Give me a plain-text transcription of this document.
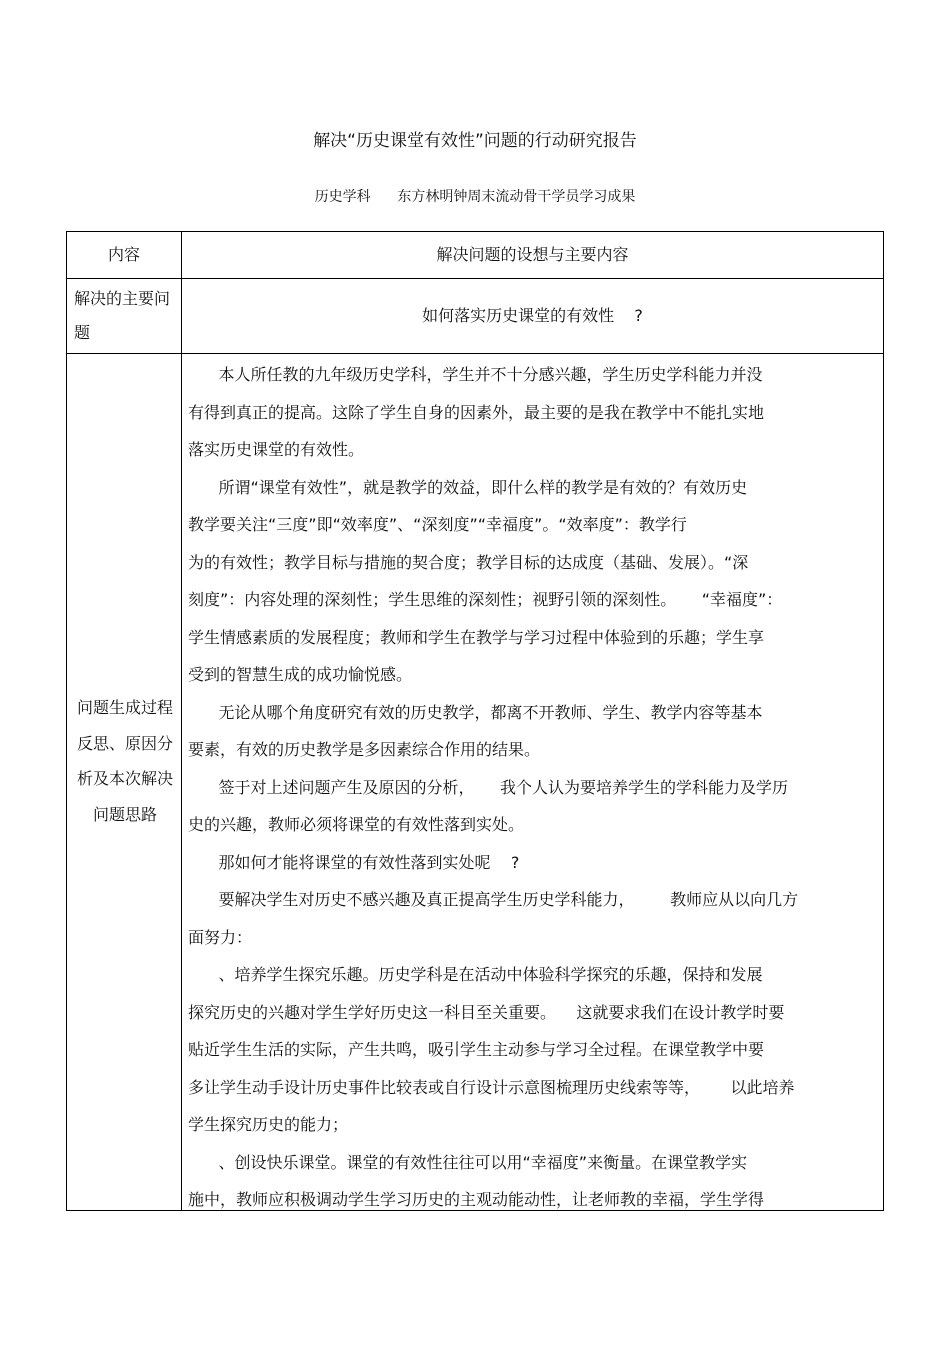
解决“历史课堂有效性”问题的行动研究报告
历史学科      东方林明钟周末流动骨干学员学习成果
内容	解决问题的设想与主要内容
解决的主要问题
如何落实历史课堂的有效性    ?
问题生成过程反思、原因分析及本次解决问题思路

本人所任教的九年级历史学科，学生并不十分感兴趣，学生历史学科能力并没

有得到真正的提高。这除了学生自身的因素外，最主要的是我在教学中不能扎实地

落实历史课堂的有效性。

所谓“课堂有效性”，就是教学的效益，即什么样的教学是有效的？有效历史

教学要关注“三度”即“效率度”、“深刻度”“幸福度”。“效率度”：教学行

为的有效性；教学目标与措施的契合度；教学目标的达成度（基础、发展）。“深

刻度”：内容处理的深刻性；学生思维的深刻性；视野引领的深刻性。     “幸福度”：

学生情感素质的发展程度；教师和学生在教学与学习过程中体验到的乐趣；学生享

受到的智慧生成的成功愉悦感。

无论从哪个角度研究有效的历史教学，都离不开教师、学生、教学内容等基本

要素，有效的历史教学是多因素综合作用的结果。

签于对上述问题产生及原因的分析，     我个人认为要培养学生的学科能力及学历

史的兴趣，教师必须将课堂的有效性落到实处。

那如何才能将课堂的有效性落到实处呢    ?

要解决学生对历史不感兴趣及真正提高学生历史学科能力，       教师应从以向几方

面努力：

、培养学生探究乐趣。历史学科是在活动中体验科学探究的乐趣，保持和发展

探究历史的兴趣对学生学好历史这一科目至关重要。    这就要求我们在设计教学时要

贴近学生生活的实际，产生共鸣，吸引学生主动参与学习全过程。在课堂教学中要

多让学生动手设计历史事件比较表或自行设计示意图梳理历史线索等等，      以此培养

学生探究历史的能力；

、创设快乐课堂。课堂的有效性往往可以用“幸福度”来衡量。在课堂教学实

施中，教师应积极调动学生学习历史的主观动能动性，让老师教的幸福，学生学得
